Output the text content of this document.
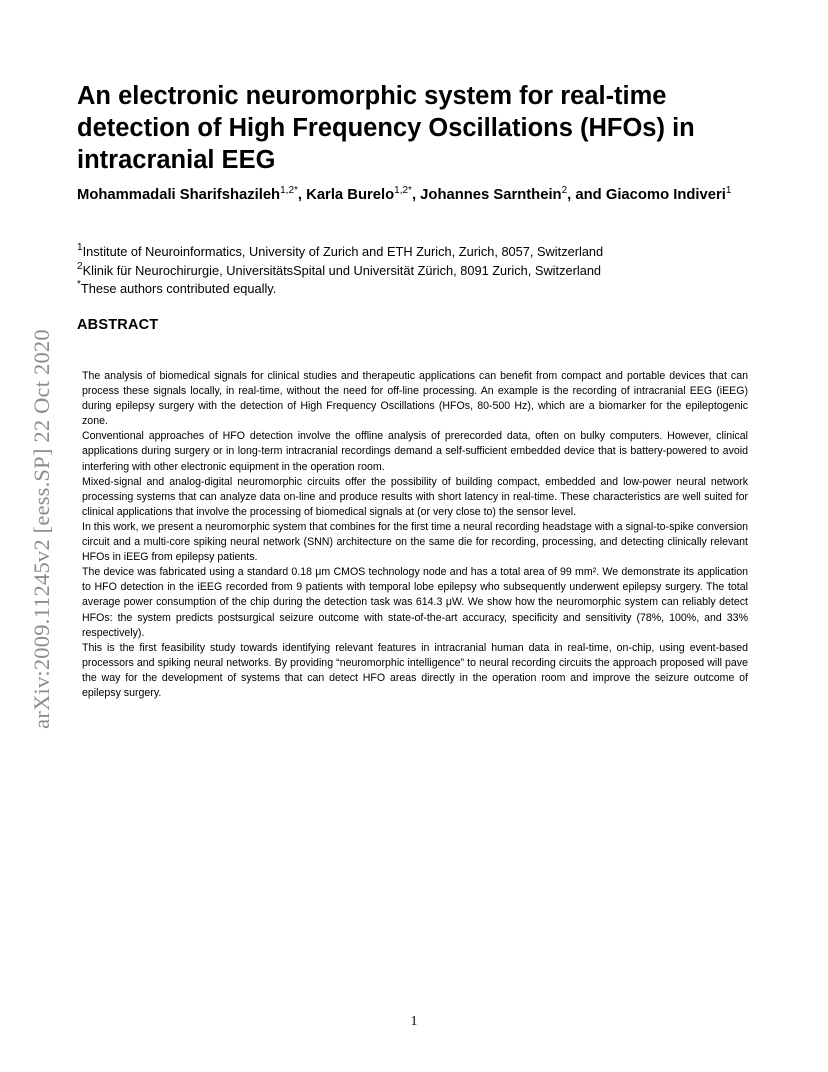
arXiv:2009.11245v2 [eess.SP] 22 Oct 2020
An electronic neuromorphic system for real-time detection of High Frequency Oscillations (HFOs) in intracranial EEG
Mohammadali Sharifshazileh$^{1,2*}$, Karla Burelo$^{1,2*}$, Johannes Sarnthein$^2$, and Giacomo Indiveri$^1$
$^1$Institute of Neuroinformatics, University of Zurich and ETH Zurich, Zurich, 8057, Switzerland
$^2$Klinik für Neurochirurgie, UniversitätsSpital und Universität Zürich, 8091 Zurich, Switzerland
*These authors contributed equally.
ABSTRACT

The analysis of biomedical signals for clinical studies and therapeutic applications can benefit from compact and portable devices that can process these signals locally, in real-time, without the need for off-line processing. An example is the recording of intracranial EEG (iEEG) during epilepsy surgery with the detection of High Frequency Oscillations (HFOs, 80-500 Hz), which are a biomarker for the epileptogenic zone.

Conventional approaches of HFO detection involve the offline analysis of prerecorded data, often on bulky computers. However, clinical applications during surgery or in long-term intracranial recordings demand a self-sufficient embedded device that is battery-powered to avoid interfering with other electronic equipment in the operation room.

Mixed-signal and analog-digital neuromorphic circuits offer the possibility of building compact, embedded and low-power neural network processing systems that can analyze data on-line and produce results with short latency in real-time. These characteristics are well suited for clinical applications that involve the processing of biomedical signals at (or very close to) the sensor level.

In this work, we present a neuromorphic system that combines for the first time a neural recording headstage with a signal-to-spike conversion circuit and a multi-core spiking neural network (SNN) architecture on the same die for recording, processing, and detecting clinically relevant HFOs in iEEG from epilepsy patients.

The device was fabricated using a standard 0.18 μm CMOS technology node and has a total area of 99 mm². We demonstrate its application to HFO detection in the iEEG recorded from 9 patients with temporal lobe epilepsy who subsequently underwent epilepsy surgery. The total average power consumption of the chip during the detection task was 614.3 μW. We show how the neuromorphic system can reliably detect HFOs: the system predicts postsurgical seizure outcome with state-of-the-art accuracy, specificity and sensitivity (78%, 100%, and 33% respectively).

This is the first feasibility study towards identifying relevant features in intracranial human data in real-time, on-chip, using event-based processors and spiking neural networks. By providing “neuromorphic intelligence” to neural recording circuits the approach proposed will pave the way for the development of systems that can detect HFO areas directly in the operation room and improve the seizure outcome of epilepsy surgery.

1
